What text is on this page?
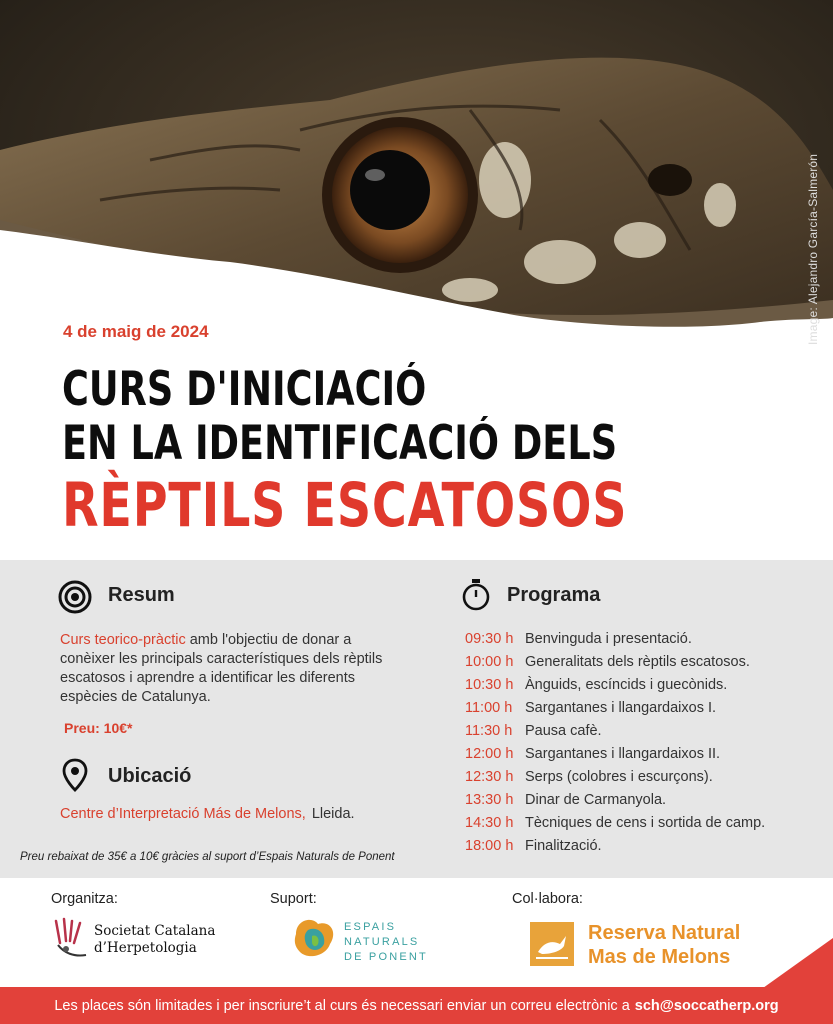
Image: Alejandro García-Salmerón
4 de maig de 2024
CURS D'INICIACIÓ
EN LA IDENTIFICACIÓ DELS
RÈPTILS ESCATOSOS
Resum

Curs teorico-pràctic amb l'objectiu de donar a conèixer les principals característiques dels rèptils escatosos i aprendre a identificar les diferents espècies de Catalunya.

Preu: 10€*
Ubicació
Centre d’Interpretació Más de Melons, Lleida.
Preu rebaixat de 35€ a 10€ gràcies al suport d’Espais Naturals de Ponent
Programa
09:30 h Benvinguda i presentació.
10:00 h Generalitats dels rèptils escatosos.
10:30 h Ànguids, escíncids i guecònids.
11:00 h Sargantanes i llangardaixos I.
11:30 h Pausa cafè.
12:00 h Sargantanes i llangardaixos II.
12:30 h Serps (colobres i escurçons).
13:30 h Dinar de Carmanyola.
14:30 h Tècniques de cens i sortida de camp.
18:00 h Finalització.
Organitza:	Suport:	Col·labora:
Societat Catalana
d’Herpetologia
ESPAIS
NATURALS
DE PONENT
Reserva Natural
Mas de Melons
Les places són limitades i per inscriure’t al curs és necessari enviar un correu electrònic a sch@soccatherp.org
